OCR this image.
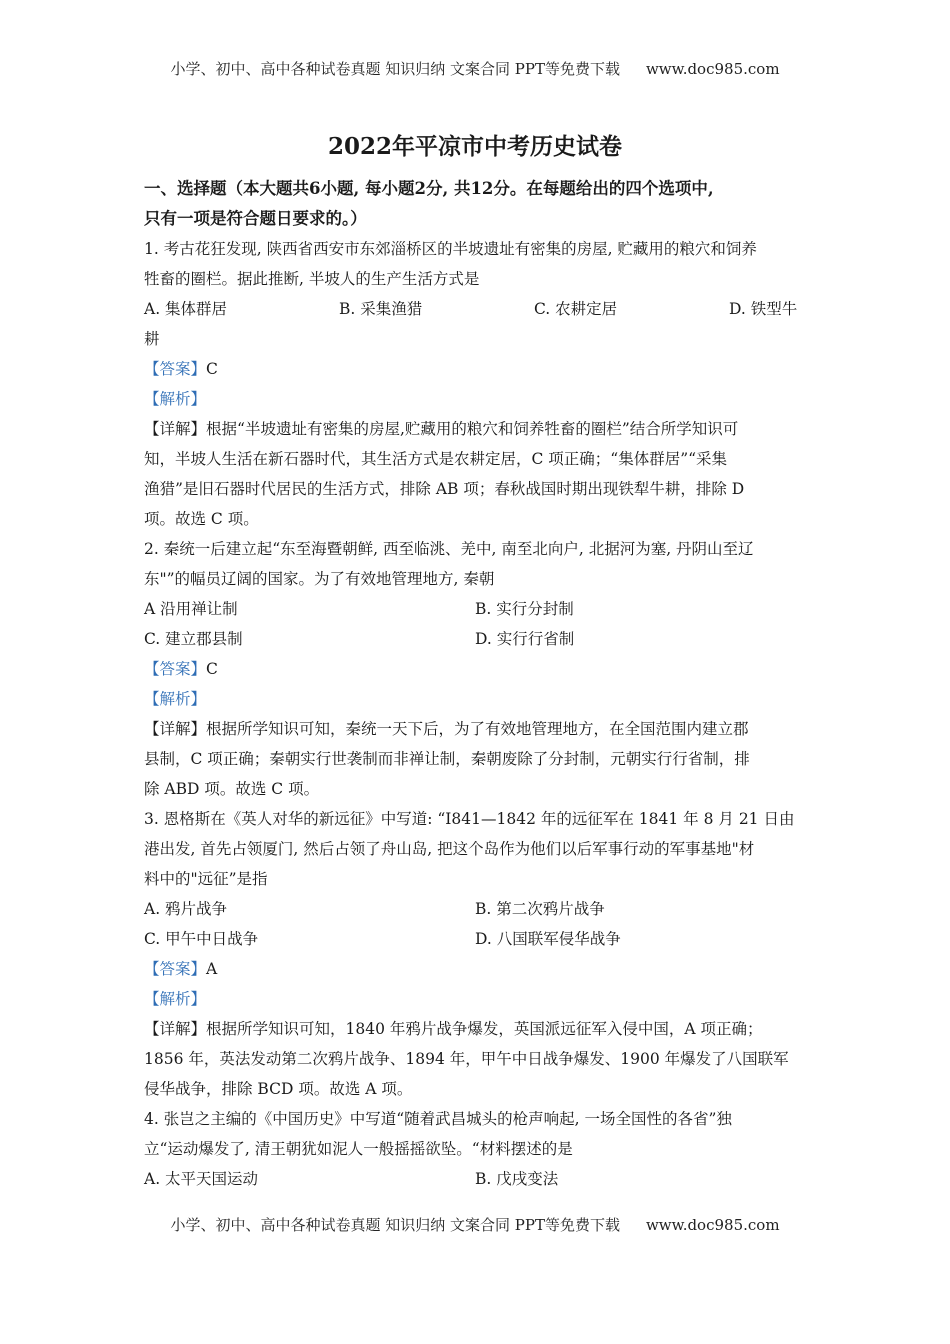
小学、初中、高中各种试卷真题 知识归纳 文案合同 PPT等免费下载 www.doc985.com
2022年平凉市中考历史试卷

一、选择题（本大题共6小题, 每小题2分, 共12分。在每题给出的四个选项中,

只有一项是符合题日要求的。）

1. 考古花狂发现, 陕西省西安市东郊淄桥区的半坡遗址有密集的房屋, 贮藏用的粮穴和饲养

牲畜的圈栏。据此推断, 半坡人的生产生活方式是

A. 集体群居	B. 采集渔猎	C. 农耕定居	D. 铁型牛
耕

【答案】C

【解析】

【详解】根据“半坡遗址有密集的房屋,贮藏用的粮穴和饲养牲畜的圈栏”结合所学知识可

知，半坡人生活在新石器时代，其生活方式是农耕定居，C 项正确；“集体群居”“采集

渔猎”是旧石器时代居民的生活方式，排除 AB 项；春秋战国时期出现铁犁牛耕，排除 D

项。故选 C 项。

2. 秦统一后建立起“东至海暨朝鲜, 西至临洮、羌中, 南至北向户, 北据河为塞, 丹阴山至辽

东"”的幅员辽阔的国家。为了有效地管理地方, 秦朝

A 沿用禅让制	B. 实行分封制
C. 建立郡县制	D. 实行行省制

【答案】C

【解析】

【详解】根据所学知识可知，秦统一天下后，为了有效地管理地方，在全国范围内建立郡

县制，C 项正确；秦朝实行世袭制而非禅让制，秦朝废除了分封制，元朝实行行省制，排

除 ABD 项。故选 C 项。

3. 恩格斯在《英人对华的新远征》中写道: “I841—1842 年的远征军在 1841 年 8 月 21 日由

港出发, 首先占领厦门, 然后占领了舟山岛, 把这个岛作为他们以后军事行动的军事基地"材

料中的"远征”是指

A. 鸦片战争	B. 第二次鸦片战争
C. 甲午中日战争	D. 八国联军侵华战争

【答案】A

【解析】

【详解】根据所学知识可知，1840 年鸦片战争爆发，英国派远征军入侵中国，A 项正确；

1856 年，英法发动第二次鸦片战争、1894 年，甲午中日战争爆发、1900 年爆发了八国联军

侵华战争，排除 BCD 项。故选 A 项。

4. 张岂之主编的《中国历史》中写道“随着武昌城头的枪声响起, 一场全国性的各省”独

立“运动爆发了, 清王朝犹如泥人一般摇摇欲坠。“材料摆述的是

A. 太平天国运动	B. 戊戌变法
小学、初中、高中各种试卷真题 知识归纳 文案合同 PPT等免费下载 www.doc985.com
